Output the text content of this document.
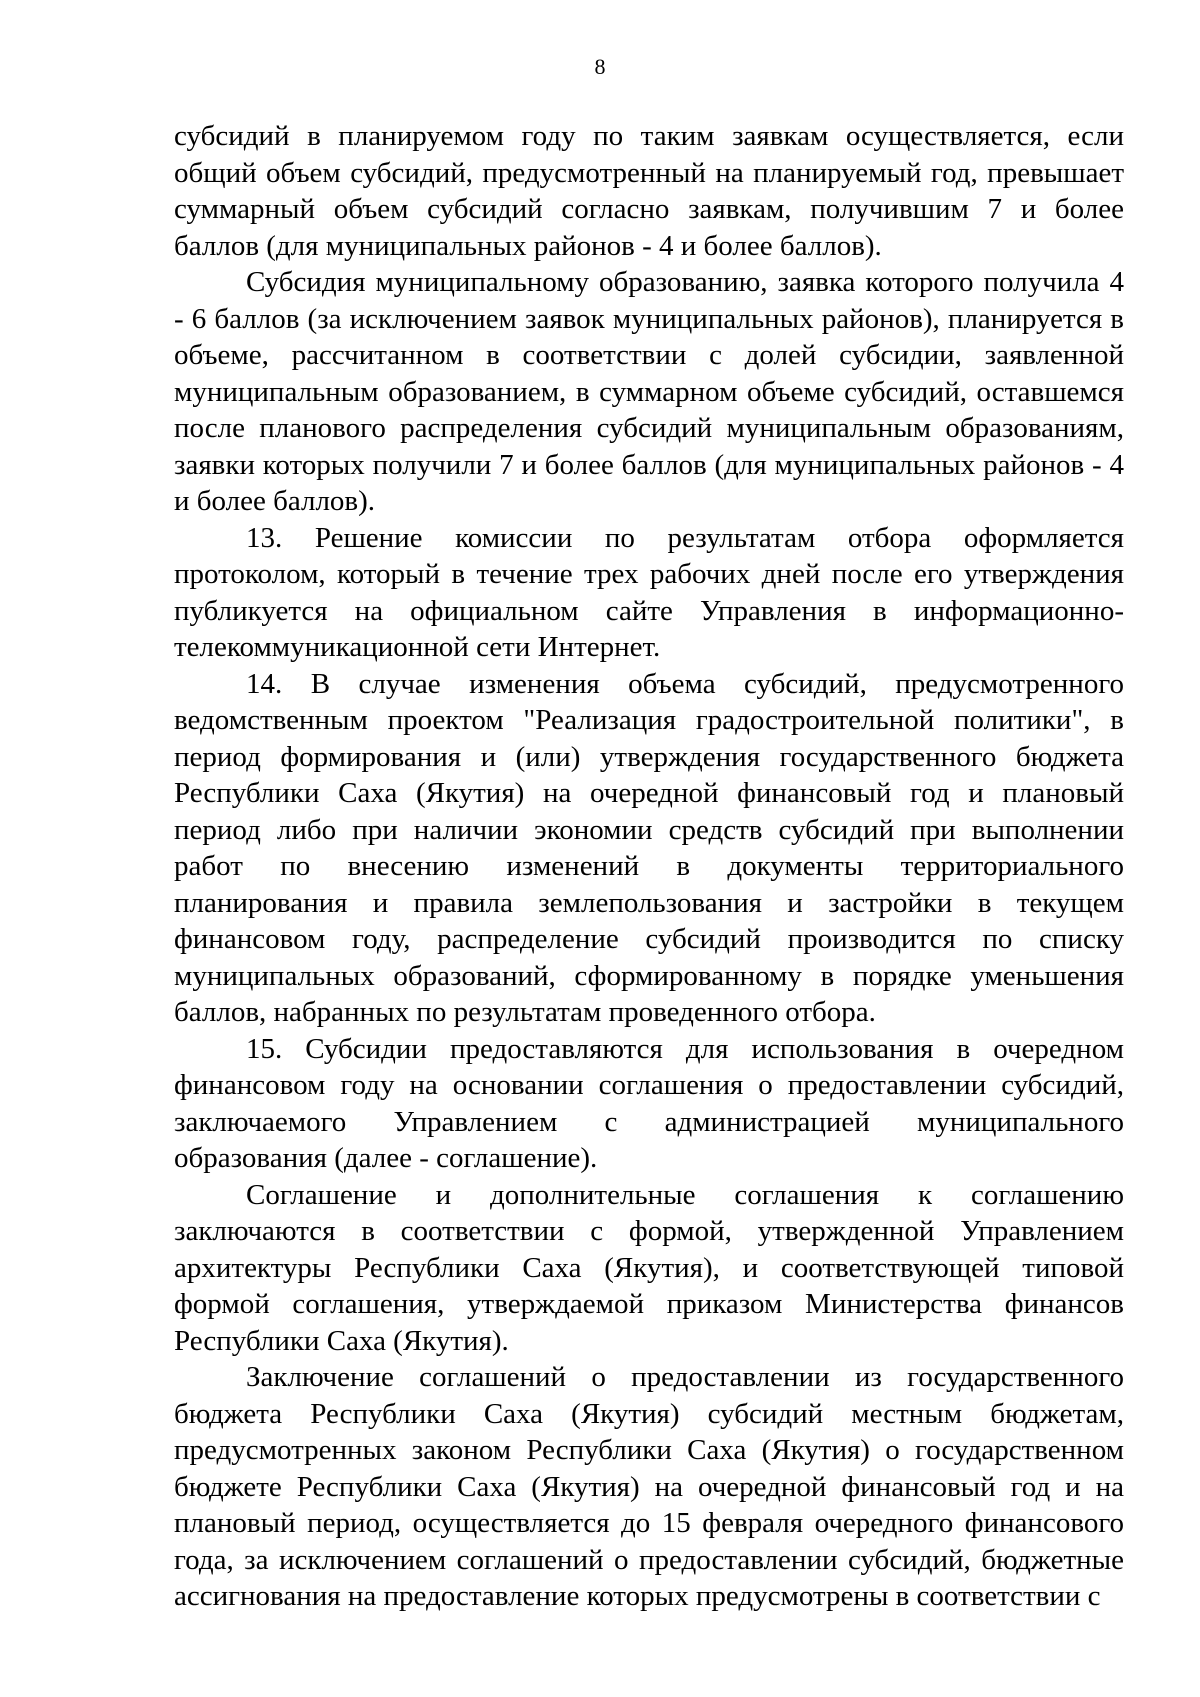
8

субсидий в планируемом году по таким заявкам осуществляется, если общий объем субсидий, предусмотренный на планируемый год, превышает суммарный объем субсидий согласно заявкам, получившим 7 и более баллов (для муниципальных районов - 4 и более баллов).

Субсидия муниципальному образованию, заявка которого получила 4 - 6 баллов (за исключением заявок муниципальных районов), планируется в объеме, рассчитанном в соответствии с долей субсидии, заявленной муниципальным образованием, в суммарном объеме субсидий, оставшемся после планового распределения субсидий муниципальным образованиям, заявки которых получили 7 и более баллов (для муниципальных районов - 4 и более баллов).

13. Решение комиссии по результатам отбора оформляется протоколом, который в течение трех рабочих дней после его утверждения публикуется на официальном сайте Управления в информационно-телекоммуникационной сети Интернет.

14. В случае изменения объема субсидий, предусмотренного ведомственным проектом "Реализация градостроительной политики", в период формирования и (или) утверждения государственного бюджета Республики Саха (Якутия) на очередной финансовый год и плановый период либо при наличии экономии средств субсидий при выполнении работ по внесению изменений в документы территориального планирования и правила землепользования и застройки в текущем финансовом году, распределение субсидий производится по списку муниципальных образований, сформированному в порядке уменьшения баллов, набранных по результатам проведенного отбора.

15. Субсидии предоставляются для использования в очередном финансовом году на основании соглашения о предоставлении субсидий, заключаемого Управлением с администрацией муниципального образования (далее - соглашение).

Соглашение и дополнительные соглашения к соглашению заключаются в соответствии с формой, утвержденной Управлением архитектуры Республики Саха (Якутия), и соответствующей типовой формой соглашения, утверждаемой приказом Министерства финансов Республики Саха (Якутия).

Заключение соглашений о предоставлении из государственного бюджета Республики Саха (Якутия) субсидий местным бюджетам, предусмотренных законом Республики Саха (Якутия) о государственном бюджете Республики Саха (Якутия) на очередной финансовый год и на плановый период, осуществляется до 15 февраля очередного финансового года, за исключением соглашений о предоставлении субсидий, бюджетные ассигнования на предоставление которых предусмотрены в соответствии с
